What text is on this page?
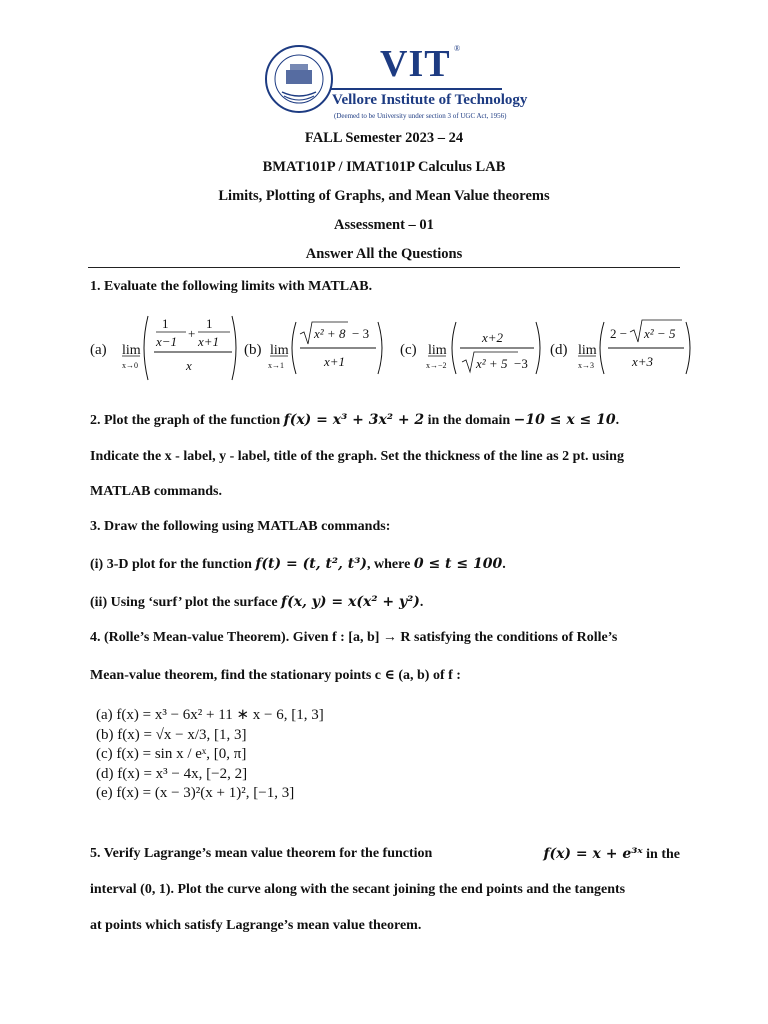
VIT ®
Vellore Institute of Technology
(Deemed to be University under section 3 of UGC Act, 1956)
FALL Semester 2023 – 24
BMAT101P / IMAT101P Calculus LAB
Limits, Plotting of Graphs, and Mean Value theorems
Assessment – 01
Answer All the Questions
1. Evaluate the following limits with MATLAB.
(a) lim
x→0
1
x−1
+
1
x+1
x
(b) lim
x→1
x² + 8 − 3
x+1
(c) lim
x→−2
x+2
x² + 5 −3
(d) lim
x→3
2 − x² − 5
x+3
2. Plot the graph of the function f(x) = x³ + 3x² + 2 in the domain −10 ≤ x ≤ 10.
Indicate the x - label, y - label, title of the graph. Set the thickness of the line as 2 pt. using
MATLAB commands.
3. Draw the following using MATLAB commands:
(i) 3-D plot for the function f(t) = (t, t², t³), where 0 ≤ t ≤ 100.
(ii) Using ‘surf’ plot the surface f(x, y) = x(x² + y²).
4. (Rolle’s Mean-value Theorem). Given f : [a, b] → R satisfying the conditions of Rolle’s
Mean-value theorem, find the stationary points c ∈ (a, b) of f :
(a) f(x) = x³ − 6x² + 11 ∗ x − 6, [1, 3]
(b) f(x) = √x − x/3, [1, 3]
(c) f(x) = sin x / eˣ, [0, π]
(d) f(x) = x³ − 4x, [−2, 2]
(e) f(x) = (x − 3)²(x + 1)², [−1, 3]
5. Verify Lagrange’s mean value theorem for the function	f(x) = x + e³ˣ in the
interval (0, 1). Plot the curve along with the secant joining the end points and the tangents
at points which satisfy Lagrange’s mean value theorem.
